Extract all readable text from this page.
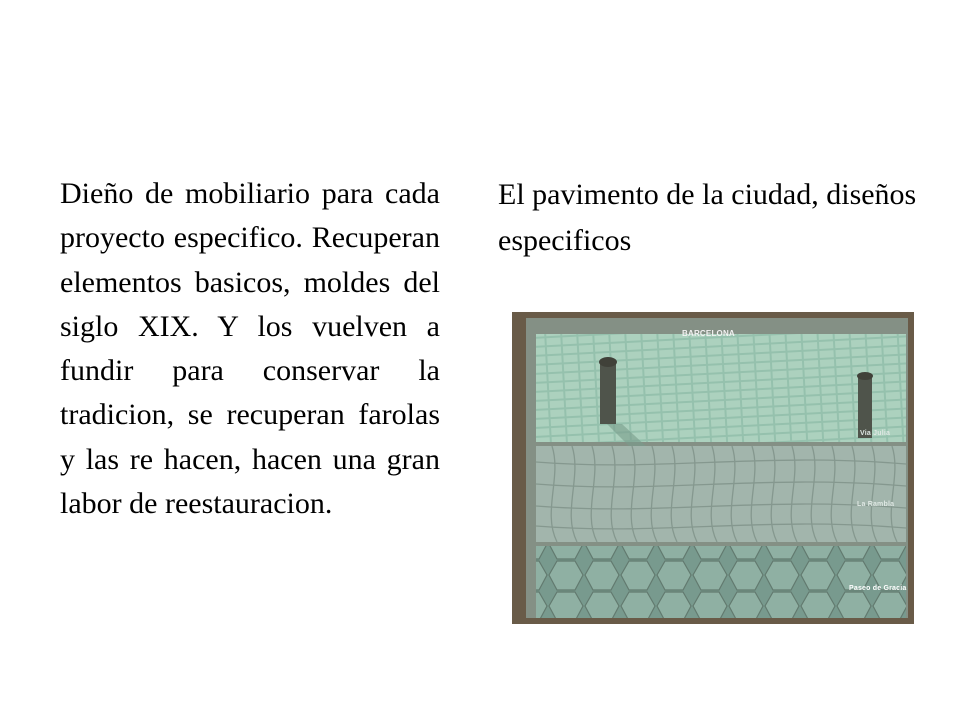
Dieño de mobiliario para cada proyecto especifico. Recuperan elementos basicos, moldes del siglo XIX. Y los vuelven a fundir para conservar la tradicion, se recuperan farolas y las re hacen, hacen una gran labor de reestauracion.

El pavimento de la ciudad, diseños especificos

BARCELONA
Via Julia
La Rambla
Paseo de Gracia
